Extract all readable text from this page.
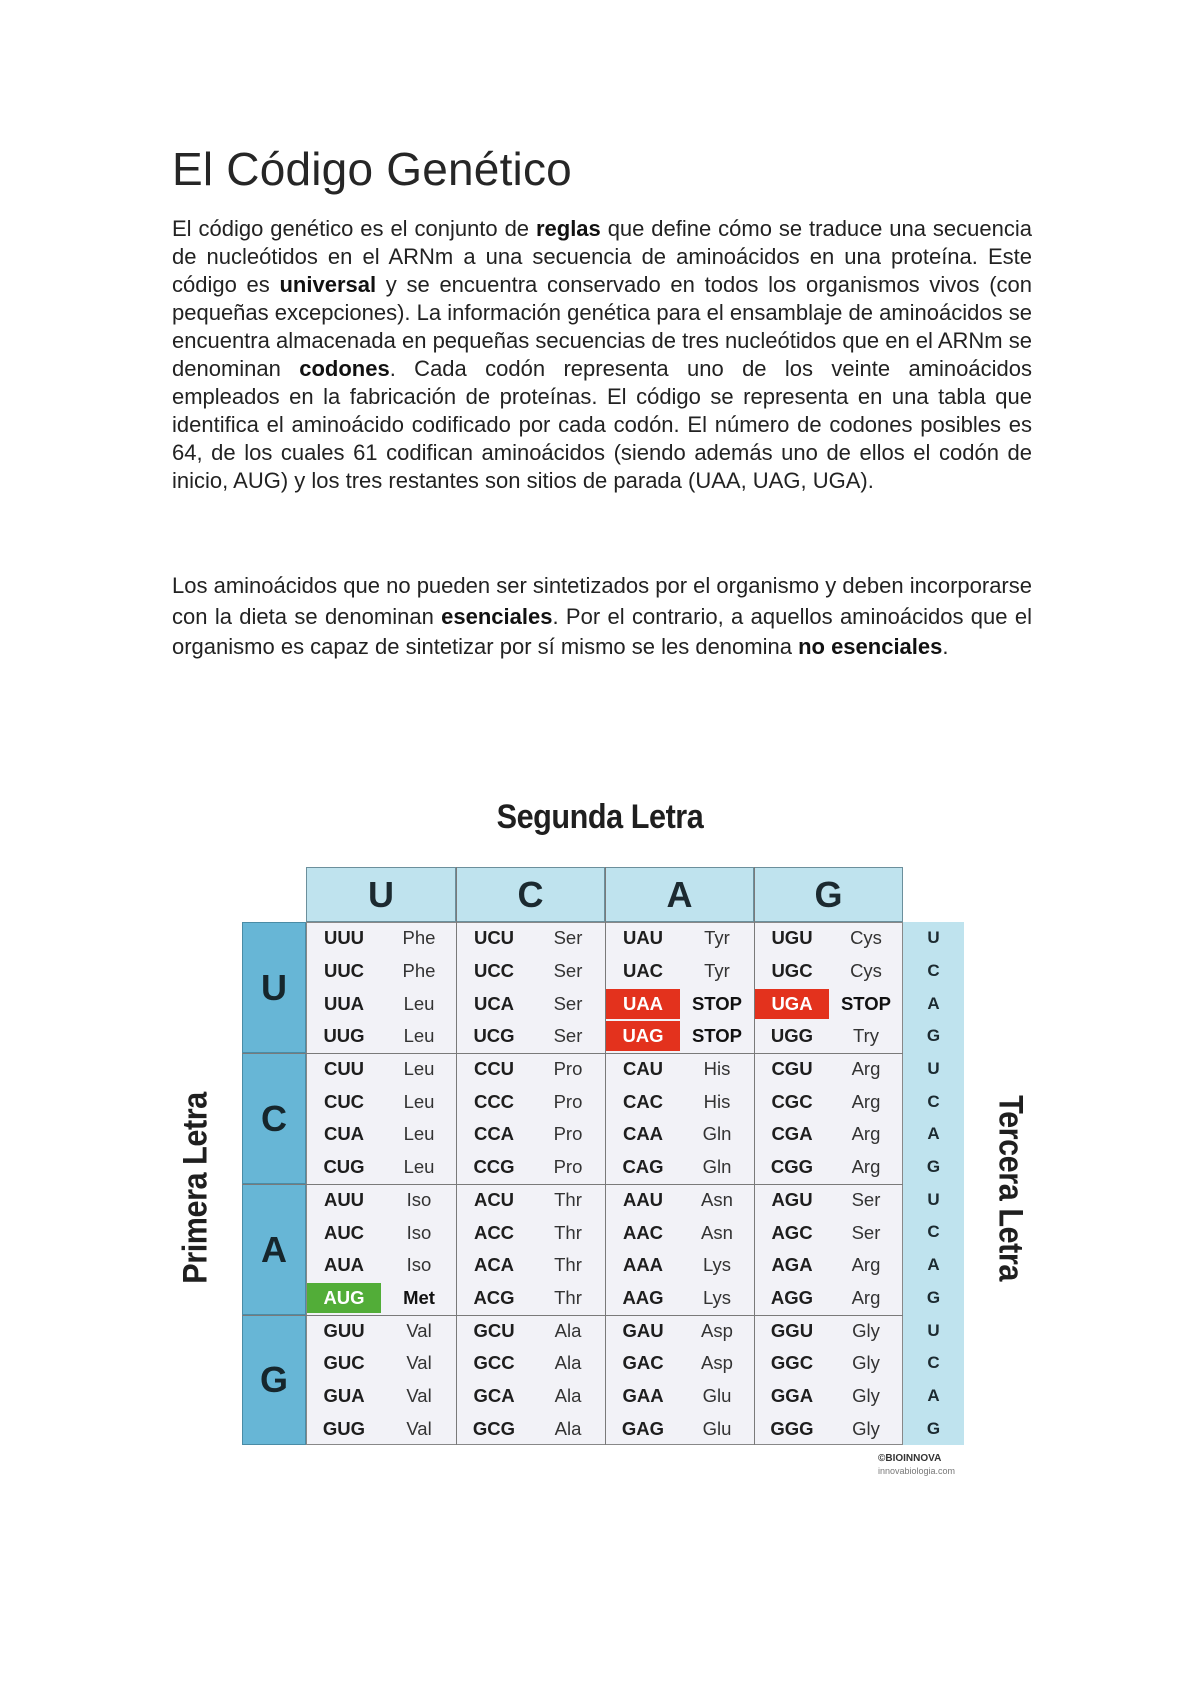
El Código Genético

El código genético es el conjunto de reglas que define cómo se traduce una secuencia de nucleótidos en el ARNm a una secuencia de aminoácidos en una proteína. Este código es universal y se encuentra conservado en todos los organismos vivos (con pequeñas excepciones). La información genética para el ensamblaje de aminoácidos se encuentra almacenada en pequeñas secuencias de tres nucleótidos que en el ARNm se denominan codones. Cada codón representa uno de los veinte aminoácidos empleados en la fabricación de proteínas. El código se representa en una tabla que identifica el aminoácido codificado por cada codón. El número de codones posibles es 64, de los cuales 61 codifican aminoácidos (siendo además uno de ellos el codón de inicio, AUG) y los tres restantes son sitios de parada (UAA, UAG, UGA).

Los aminoácidos que no pueden ser sintetizados por el organismo y deben incorporarse con la dieta se denominan esenciales. Por el contrario, a aquellos aminoácidos que el organismo es capaz de sintetizar por sí mismo se les denomina no esenciales.

Segunda Letra
Primera Letra	Tercera Letra
U	C	A	G
U
C
A
G
UUU	Phe	UCU	Ser	UAU	Tyr	UGU	Cys	U
UUC	Phe	UCC	Ser	UAC	Tyr	UGC	Cys	C
UUA	Leu	UCA	Ser	UAA	STOP	UGA	STOP	A
UUG	Leu	UCG	Ser	UAG	STOP	UGG	Try	G
CUU	Leu	CCU	Pro	CAU	His	CGU	Arg	U
CUC	Leu	CCC	Pro	CAC	His	CGC	Arg	C
CUA	Leu	CCA	Pro	CAA	Gln	CGA	Arg	A
CUG	Leu	CCG	Pro	CAG	Gln	CGG	Arg	G
AUU	Iso	ACU	Thr	AAU	Asn	AGU	Ser	U
AUC	Iso	ACC	Thr	AAC	Asn	AGC	Ser	C
AUA	Iso	ACA	Thr	AAA	Lys	AGA	Arg	A
AUG	Met	ACG	Thr	AAG	Lys	AGG	Arg	G
GUU	Val	GCU	Ala	GAU	Asp	GGU	Gly	U
GUC	Val	GCC	Ala	GAC	Asp	GGC	Gly	C
GUA	Val	GCA	Ala	GAA	Glu	GGA	Gly	A
GUG	Val	GCG	Ala	GAG	Glu	GGG	Gly	G
©BIOINNOVA
innovabiologia.com
